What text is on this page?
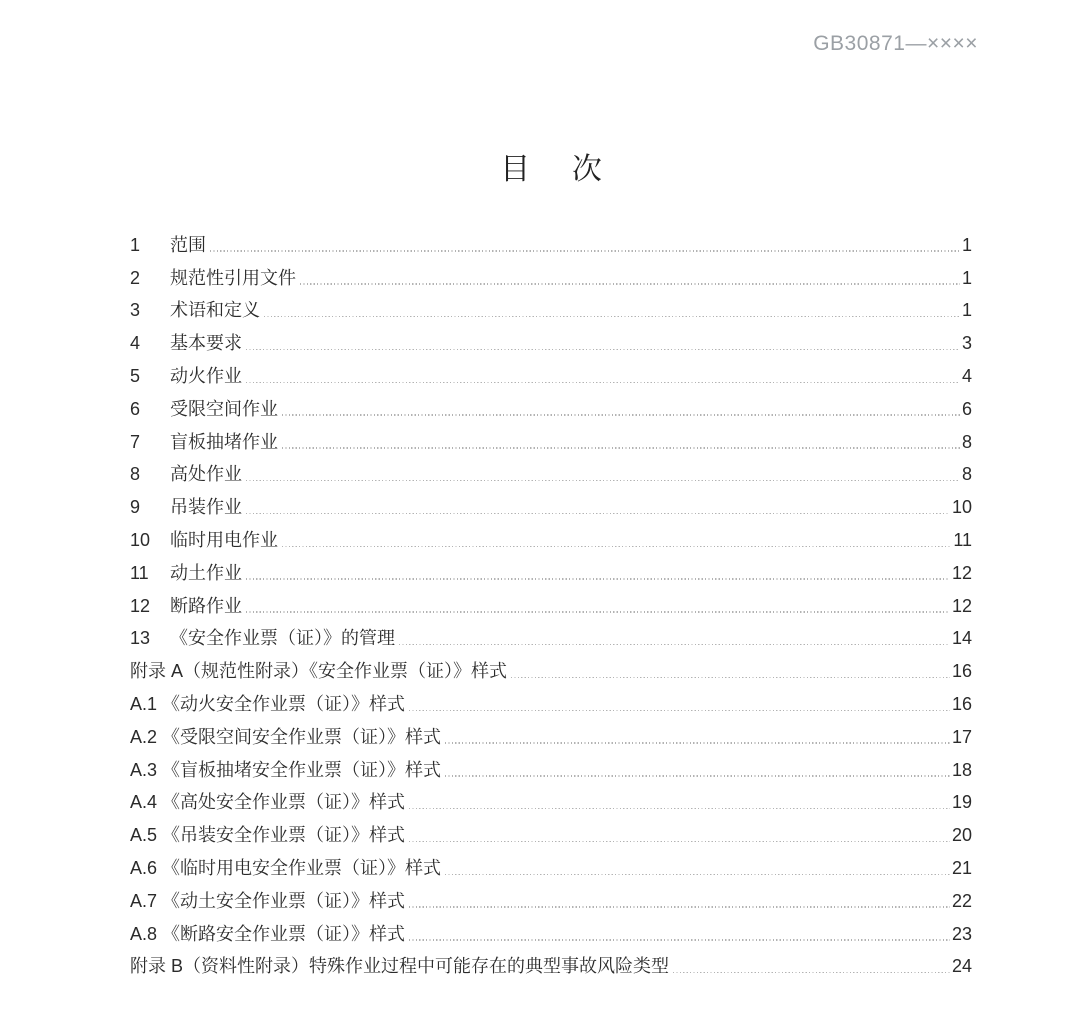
GB30871—××××
目     次
1	范围	1
2	规范性引用文件	1
3	术语和定义	1
4	基本要求	3
5	动火作业	4
6	受限空间作业	6
7	盲板抽堵作业	8
8	高处作业	8
9	吊装作业	10
10	临时用电作业	11
11	动土作业	12
12	断路作业	12
13	《安全作业票（证）》的管理	14
附录 A（规范性附录）《安全作业票（证）》样式	16
A.1 《动火安全作业票（证）》样式	16
A.2 《受限空间安全作业票（证）》样式	17
A.3 《盲板抽堵安全作业票（证）》样式	18
A.4 《高处安全作业票（证）》样式	19
A.5 《吊装安全作业票（证）》样式	20
A.6 《临时用电安全作业票（证）》样式	21
A.7 《动土安全作业票（证）》样式	22
A.8 《断路安全作业票（证）》样式	23
附录 B（资料性附录）特殊作业过程中可能存在的典型事故风险类型	24
